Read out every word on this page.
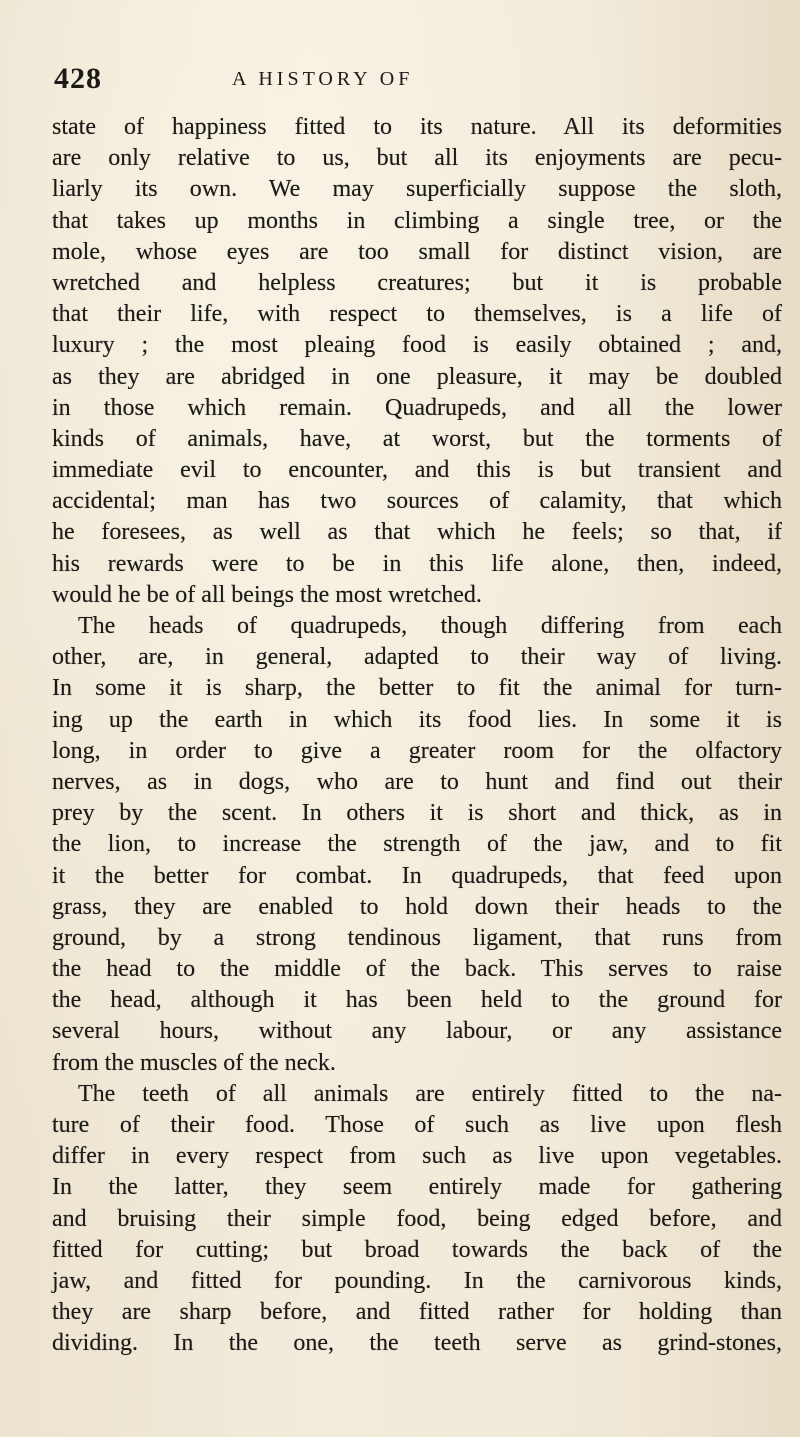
428	A HISTORY OF
state of happiness fitted to its nature. All its deformities
are only relative to us, but all its enjoyments are pecu-
liarly its own. We may superficially suppose the sloth,
that takes up months in climbing a single tree, or the
mole, whose eyes are too small for distinct vision, are
wretched and helpless creatures; but it is probable
that their life, with respect to themselves, is a life of
luxury ; the most pleaing food is easily obtained ; and,
as they are abridged in one pleasure, it may be doubled
in those which remain. Quadrupeds, and all the lower
kinds of animals, have, at worst, but the torments of
immediate evil to encounter, and this is but transient and
accidental; man has two sources of calamity, that which
he foresees, as well as that which he feels; so that, if
his rewards were to be in this life alone, then, indeed,
would he be of all beings the most wretched.
The heads of quadrupeds, though differing from each
other, are, in general, adapted to their way of living.
In some it is sharp, the better to fit the animal for turn-
ing up the earth in which its food lies. In some it is
long, in order to give a greater room for the olfactory
nerves, as in dogs, who are to hunt and find out their
prey by the scent. In others it is short and thick, as in
the lion, to increase the strength of the jaw, and to fit
it the better for combat. In quadrupeds, that feed upon
grass, they are enabled to hold down their heads to the
ground, by a strong tendinous ligament, that runs from
the head to the middle of the back. This serves to raise
the head, although it has been held to the ground for
several hours, without any labour, or any assistance
from the muscles of the neck.
The teeth of all animals are entirely fitted to the na-
ture of their food. Those of such as live upon flesh
differ in every respect from such as live upon vegetables.
In the latter, they seem entirely made for gathering
and bruising their simple food, being edged before, and
fitted for cutting; but broad towards the back of the
jaw, and fitted for pounding. In the carnivorous kinds,
they are sharp before, and fitted rather for holding than
dividing. In the one, the teeth serve as grind-stones,
